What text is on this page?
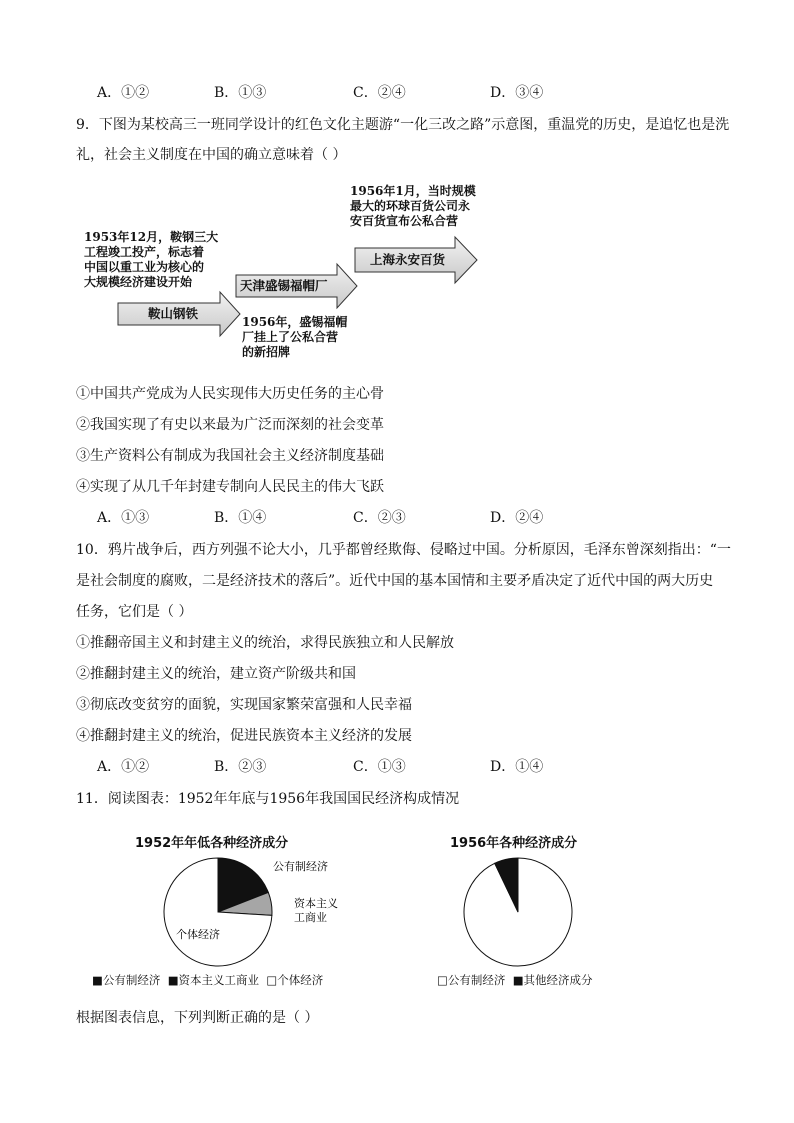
A．①②	B．①③	C．②④	D．③④
9．下图为某校高三一班同学设计的红色文化主题游“一化三改之路”示意图，重温党的历史，是追忆也是洗
礼，社会主义制度在中国的确立意味着（ ）
鞍山钢铁
天津盛锡福帽厂
上海永安百货
1953年12月，鞍钢三大
工程竣工投产，标志着
中国以重工业为核心的
大规模经济建设开始
1956年，盛锡福帽
厂挂上了公私合营
的新招牌
1956年1月，当时规模
最大的环球百货公司永
安百货宣布公私合营
①中国共产党成为人民实现伟大历史任务的主心骨
②我国实现了有史以来最为广泛而深刻的社会变革
③生产资料公有制成为我国社会主义经济制度基础
④实现了从几千年封建专制向人民民主的伟大飞跃
A．①③	B．①④	C．②③	D．②④
10．鸦片战争后，西方列强不论大小，几乎都曾经欺侮、侵略过中国。分析原因，毛泽东曾深刻指出：“一
是社会制度的腐败，二是经济技术的落后”。近代中国的基本国情和主要矛盾决定了近代中国的两大历史
任务，它们是（ ）
①推翻帝国主义和封建主义的统治，求得民族独立和人民解放
②推翻封建主义的统治，建立资产阶级共和国
③彻底改变贫穷的面貌，实现国家繁荣富强和人民幸福
④推翻封建主义的统治，促进民族资本主义经济的发展
A．①②	B．②③	C．①③	D．①④
11．阅读图表：1952年年底与1956年我国国民经济构成情况
1952年年低各种经济成分
公有制经济
资本主义
工商业
个体经济
■公有制经济 ■资本主义工商业 □个体经济
1956年各种经济成分
□公有制经济 ■其他经济成分
根据图表信息，下列判断正确的是（ ）
